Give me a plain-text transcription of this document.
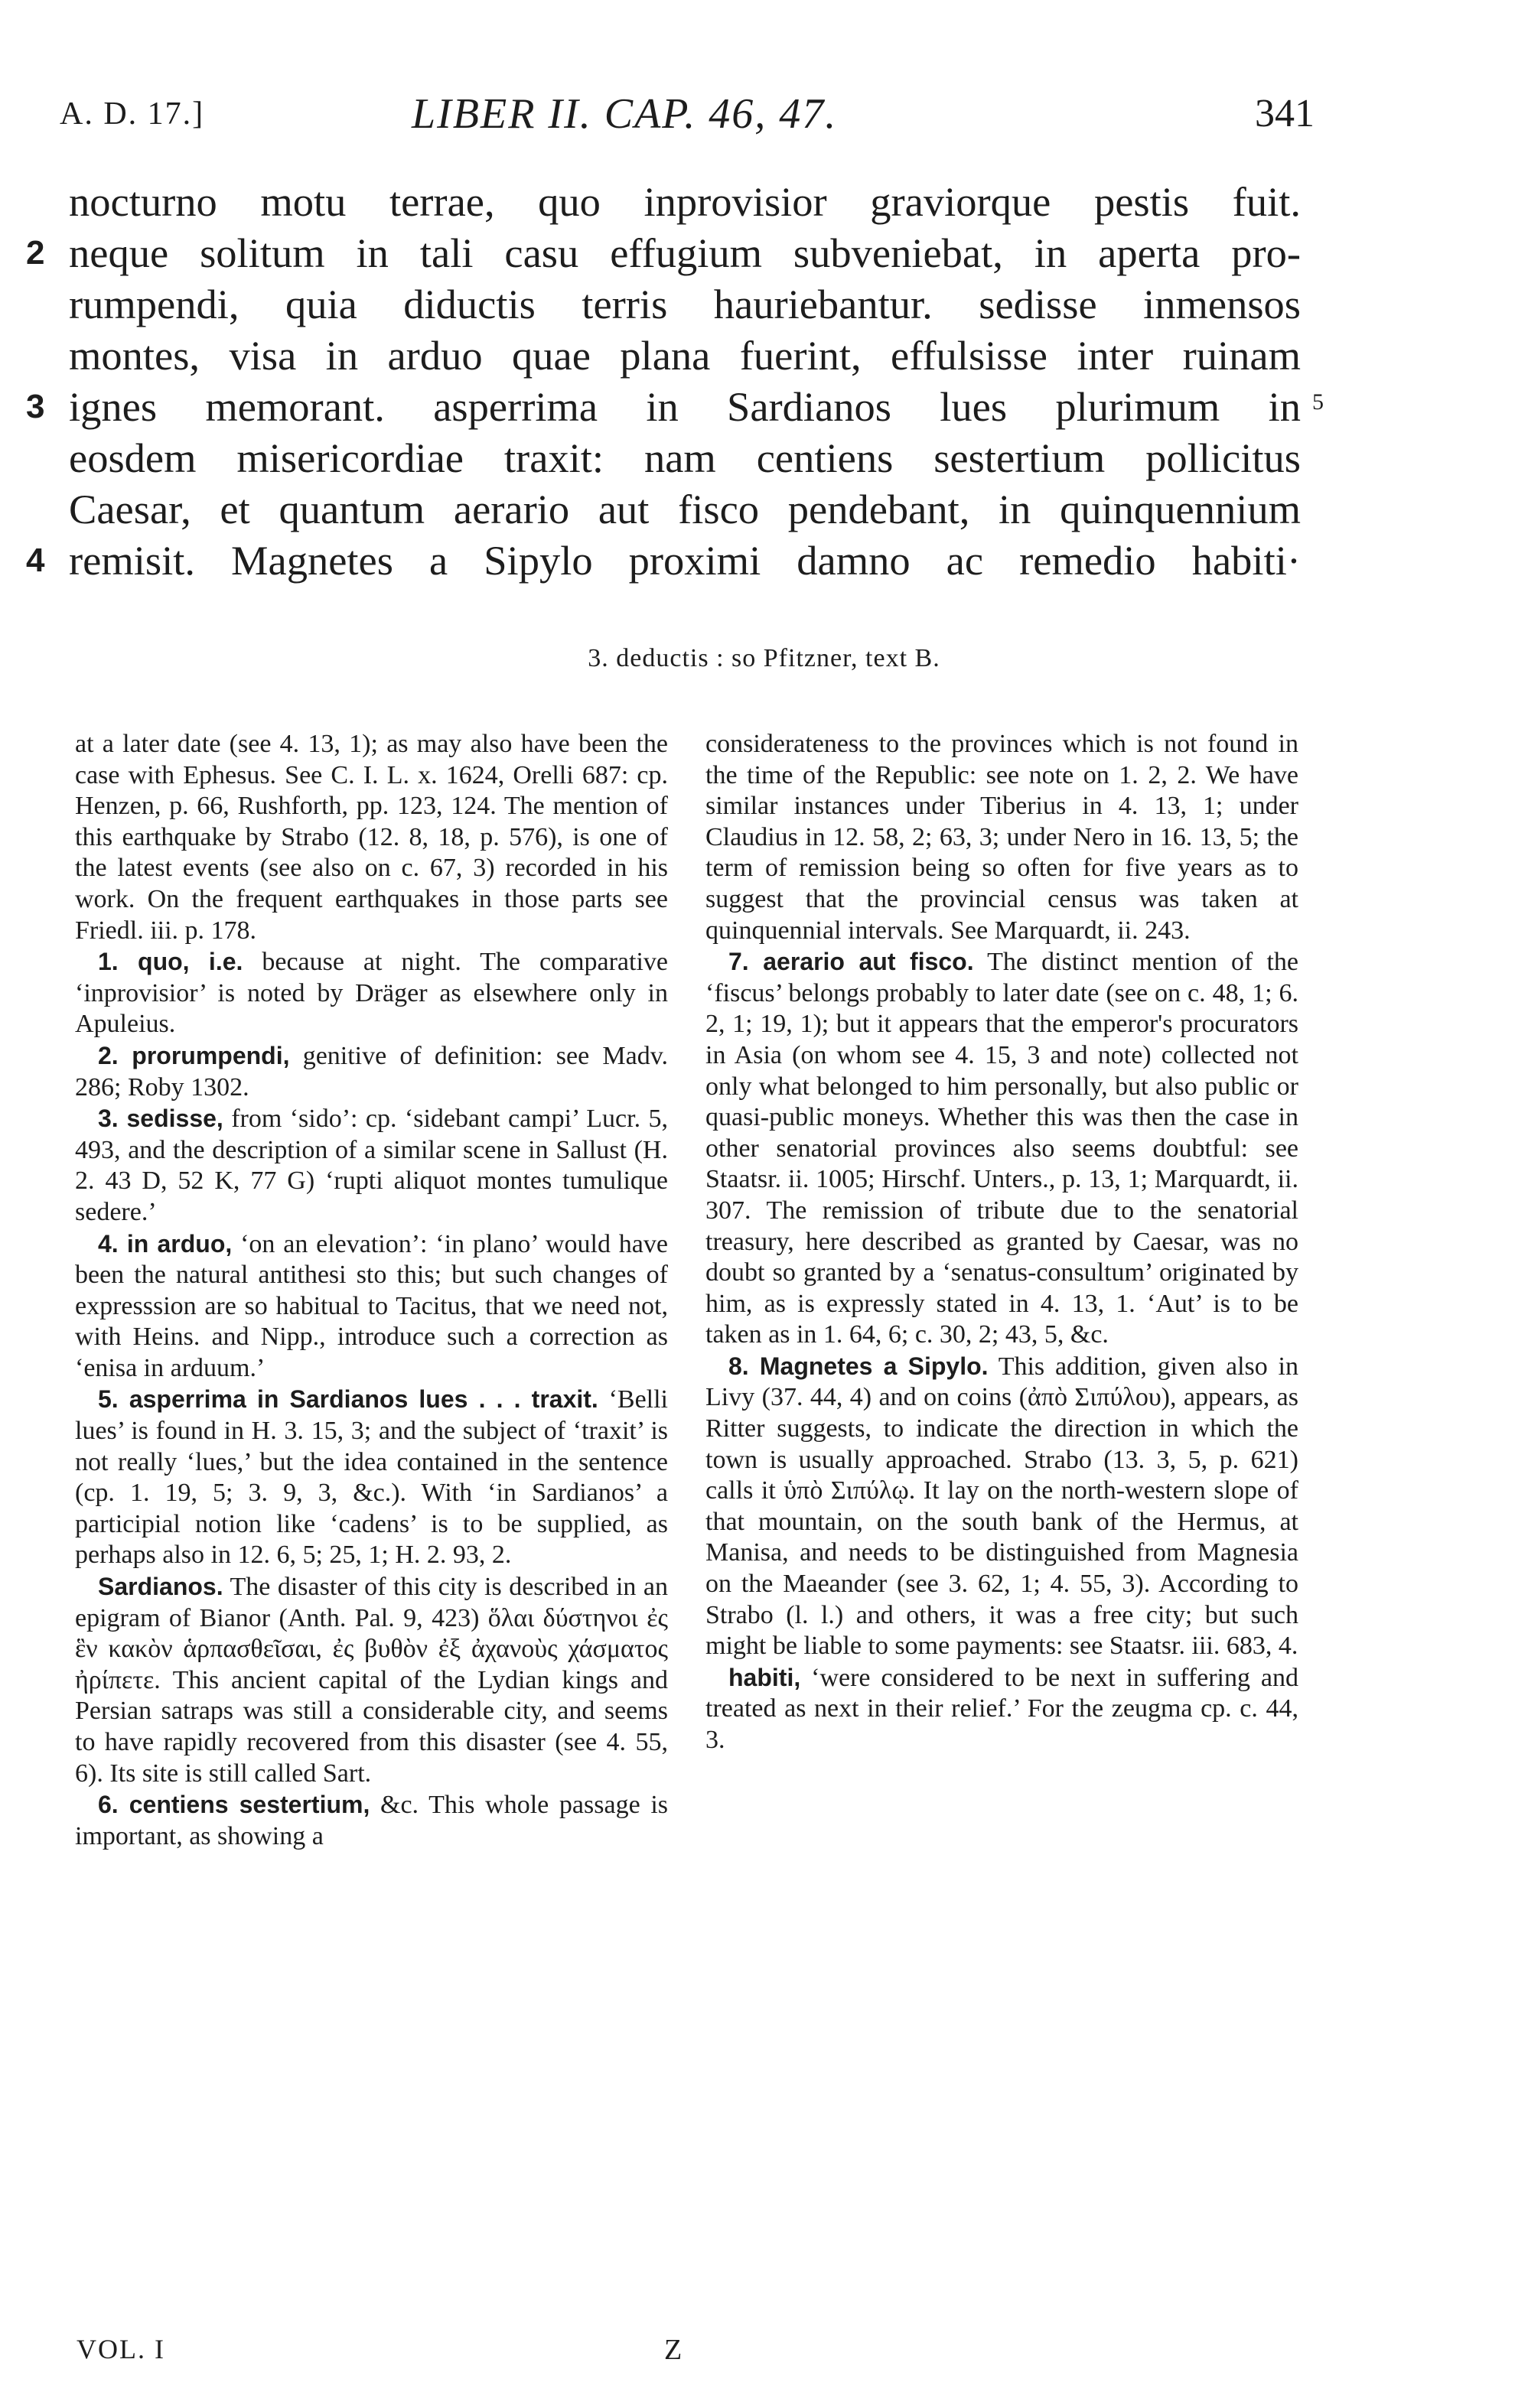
A. D. 17.]	LIBER II. CAP. 46, 47.	341
nocturno motu terrae, quo inprovisior graviorque pestis fuit.
2 neque solitum in tali casu effugium subveniebat, in aperta pro-
rumpendi, quia diductis terris hauriebantur. sedisse inmensos
montes, visa in arduo quae plana fuerint, effulsisse inter ruinam
3 ignes memorant. asperrima in Sardianos lues plurimum in 5
eosdem misericordiae traxit: nam centiens sestertium pollicitus
Caesar, et quantum aerario aut fisco pendebant, in quinquennium
4 remisit. Magnetes a Sipylo proximi damno ac remedio habiti·
3. deductis : so Pfitzner, text B.

at a later date (see 4. 13, 1); as may also have been the case with Ephesus. See C. I. L. x. 1624, Orelli 687: cp. Henzen, p. 66, Rushforth, pp. 123, 124. The mention of this earthquake by Strabo (12. 8, 18, p. 576), is one of the latest events (see also on c. 67, 3) recorded in his work. On the frequent earthquakes in those parts see Friedl. iii. p. 178.

1. quo, i.e. because at night. The comparative ‘inprovisior’ is noted by Dräger as elsewhere only in Apuleius.

2. prorumpendi, genitive of definition: see Madv. 286; Roby 1302.

3. sedisse, from ‘sido’: cp. ‘sidebant campi’ Lucr. 5, 493, and the description of a similar scene in Sallust (H. 2. 43 D, 52 K, 77 G) ‘rupti aliquot montes tumulique sedere.’

4. in arduo, ‘on an elevation’: ‘in plano’ would have been the natural antithesi sto this; but such changes of expresssion are so habitual to Tacitus, that we need not, with Heins. and Nipp., introduce such a correction as ‘enisa in arduum.’

5. asperrima in Sardianos lues . . . traxit. ‘Belli lues’ is found in H. 3. 15, 3; and the subject of ‘traxit’ is not really ‘lues,’ but the idea contained in the sentence (cp. 1. 19, 5; 3. 9, 3, &c.). With ‘in Sardianos’ a participial notion like ‘cadens’ is to be supplied, as perhaps also in 12. 6, 5; 25, 1; H. 2. 93, 2.

Sardianos. The disaster of this city is described in an epigram of Bianor (Anth. Pal. 9, 423) ὅλαι δύστηνοι ἐς ἓν κακὸν ἁρπασθεῖσαι, ἐς βυθὸν ἐξ ἀχανοὺς χάσματος ἠρίπετε. This ancient capital of the Lydian kings and Persian satraps was still a considerable city, and seems to have rapidly recovered from this disaster (see 4. 55, 6). Its site is still called Sart.

6. centiens sestertium, &c. This whole passage is important, as showing a

considerateness to the provinces which is not found in the time of the Republic: see note on 1. 2, 2. We have similar instances under Tiberius in 4. 13, 1; under Claudius in 12. 58, 2; 63, 3; under Nero in 16. 13, 5; the term of remission being so often for five years as to suggest that the provincial census was taken at quinquennial intervals. See Marquardt, ii. 243.

7. aerario aut fisco. The distinct mention of the ‘fiscus’ belongs probably to later date (see on c. 48, 1; 6. 2, 1; 19, 1); but it appears that the emperor's procurators in Asia (on whom see 4. 15, 3 and note) collected not only what belonged to him personally, but also public or quasi-public moneys. Whether this was then the case in other senatorial provinces also seems doubtful: see Staatsr. ii. 1005; Hirschf. Unters., p. 13, 1; Marquardt, ii. 307. The remission of tribute due to the senatorial treasury, here described as granted by Caesar, was no doubt so granted by a ‘senatus-consultum’ originated by him, as is expressly stated in 4. 13, 1. ‘Aut’ is to be taken as in 1. 64, 6; c. 30, 2; 43, 5, &c.

8. Magnetes a Sipylo. This addition, given also in Livy (37. 44, 4) and on coins (ἀπὸ Σιπύλου), appears, as Ritter suggests, to indicate the direction in which the town is usually approached. Strabo (13. 3, 5, p. 621) calls it ὑπὸ Σιπύλῳ. It lay on the north-western slope of that mountain, on the south bank of the Hermus, at Manisa, and needs to be distinguished from Magnesia on the Maeander (see 3. 62, 1; 4. 55, 3). According to Strabo (l. l.) and others, it was a free city; but such might be liable to some payments: see Staatsr. iii. 683, 4.

habiti, ‘were considered to be next in suffering and treated as next in their relief.’ For the zeugma cp. c. 44, 3.

VOL. I	Z
